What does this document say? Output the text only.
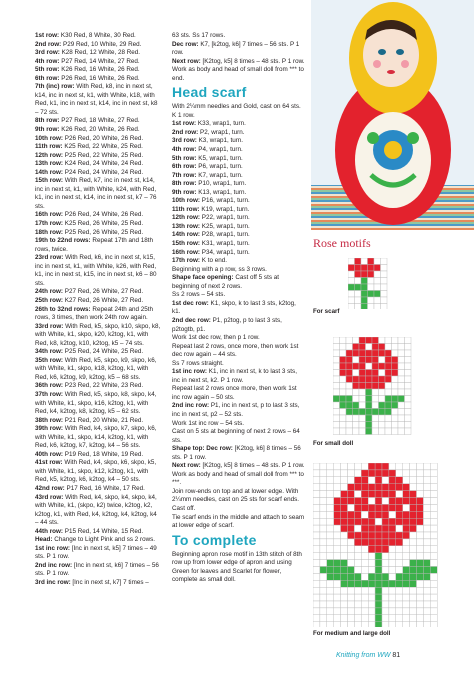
1st row: K30 Red, 8 White, 30 Red.

2nd row: P29 Red, 10 White, 29 Red.

3rd row: K28 Red, 12 White, 28 Red.

4th row: P27 Red, 14 White, 27 Red.

5th row: K26 Red, 16 White, 26 Red.

6th row: P26 Red, 16 White, 26 Red.

7th (inc) row: With Red, k8, inc in next st, k14, inc in next st, k1, with White, k18, with Red, k1, inc in next st, k14, inc in next st, k8 – 72 sts.

8th row: P27 Red, 18 White, 27 Red.

9th row: K26 Red, 20 White, 26 Red.

10th row: P26 Red, 20 White, 26 Red.

11th row: K25 Red, 22 White, 25 Red.

12th row: P25 Red, 22 White, 25 Red.

13th row: K24 Red, 24 White, 24 Red.

14th row: P24 Red, 24 White, 24 Red.

15th row: With Red, k7, inc in next st, k14, inc in next st, k1, with White, k24, with Red, k1, inc in next st, k14, inc in next st, k7 – 76 sts.

16th row: P26 Red, 24 White, 26 Red.

17th row: K25 Red, 26 White, 25 Red.

18th row: P25 Red, 26 White, 25 Red.

19th to 22nd rows: Repeat 17th and 18th rows, twice.

23rd row: With Red, k6, inc in next st, k15, inc in next st, k1, with White, k26, with Red, k1, inc in next st, k15, inc in next st, k6 – 80 sts.

24th row: P27 Red, 26 White, 27 Red.

25th row: K27 Red, 26 White, 27 Red.

26th to 32nd rows: Repeat 24th and 25th rows, 3 times, then work 24th row again.

33rd row: With Red, k5, skpo, k10, skpo, k8, with White, k1, skpo, k20, k2tog, k1, with Red, k8, k2tog, k10, k2tog, k5 – 74 sts.

34th row: P25 Red, 24 White, 25 Red.

35th row: With Red, k5, skpo, k9, skpo, k6, with White, k1, skpo, k18, k2tog, k1, with Red, k6, k2tog, k9, k2tog, k5 – 68 sts.

36th row: P23 Red, 22 White, 23 Red.

37th row: With Red, k5, skpo, k8, skpo, k4, with White, k1, skpo, k16, k2tog, k1, with Red, k4, k2tog, k8, k2tog, k5 – 62 sts.

38th row: P21 Red, 20 White, 21 Red.

39th row: With Red, k4, skpo, k7, skpo, k6, with White, k1, skpo, k14, k2tog, k1, with Red, k6, k2tog, k7, k2tog, k4 – 56 sts.

40th row: P19 Red, 18 White, 19 Red.

41st row: With Red, k4, skpo, k6, skpo, k5, with White, k1, skpo, k12, k2tog, k1, with Red, k5, k2tog, k6, k2tog, k4 – 50 sts.

42nd row: P17 Red, 16 White, 17 Red.

43rd row: With Red, k4, skpo, k4, skpo, k4, with White, k1, (skpo, k2) twice, k2tog, k2, k2tog, k1, with Red, k4, k2tog, k4, k2tog, k4 – 44 sts.

44th row: P15 Red, 14 White, 15 Red.

Head: Change to Light Pink and ss 2 rows.

1st inc row: [Inc in next st, k5] 7 times – 49 sts. P 1 row.

2nd inc row: [Inc in next st, k6] 7 times – 56 sts. P 1 row.

3rd inc row: [Inc in next st, k7] 7 times –

63 sts. Ss 17 rows.

Dec row: K7, [k2tog, k6] 7 times – 56 sts. P 1 row.

Next row: [K2tog, k5] 8 times – 48 sts. P 1 row.

Work as body and head of small doll from *** to end.

Head scarf

With 2¼mm needles and Gold, cast on 64 sts. K 1 row.

1st row: K33, wrap1, turn.

2nd row: P2, wrap1, turn.

3rd row: K3, wrap1, turn.

4th row: P4, wrap1, turn.

5th row: K5, wrap1, turn.

6th row: P6, wrap1, turn.

7th row: K7, wrap1, turn.

8th row: P10, wrap1, turn.

9th row: K13, wrap1, turn.

10th row: P16, wrap1, turn.

11th row: K19, wrap1, turn.

12th row: P22, wrap1, turn.

13th row: K25, wrap1, turn.

14th row: P28, wrap1, turn.

15th row: K31, wrap1, turn.

16th row: P34, wrap1, turn.

17th row: K to end.

Beginning with a p row, ss 3 rows.

Shape face opening: Cast off 5 sts at beginning of next 2 rows.

Ss 2 rows – 54 sts.

1st dec row: K1, skpo, k to last 3 sts, k2tog, k1.

2nd dec row: P1, p2tog, p to last 3 sts, p2togtb, p1.

Work 1st dec row, then p 1 row.

Repeat last 2 rows, once more, then work 1st dec row again – 44 sts.

Ss 7 rows straight.

1st inc row: K1, inc in next st, k to last 3 sts, inc in next st, k2. P 1 row.

Repeat last 2 rows once more, then work 1st inc row again – 50 sts.

2nd inc row: P1, inc in next st, p to last 3 sts, inc in next st, p2 – 52 sts.

Work 1st inc row – 54 sts.

Cast on 5 sts at beginning of next 2 rows – 64 sts.

Shape top: Dec row: [K2tog, k6] 8 times – 56 sts. P 1 row.

Next row: [K2tog, k5] 8 times – 48 sts. P 1 row.

Work as body and head of small doll from *** to ***.

Join row-ends on top and at lower edge. With 2¼mm needles, cast on 25 sts for scarf ends. Cast off.

Tie scarf ends in the middle and attach to seam at lower edge of scarf.

To complete

Beginning apron rose motif in 13th stitch of 8th row up from lower edge of apron and using Green for leaves and Scarlet for flower, complete as small doll.

Rose motifs
For scarf
For small doll
For medium and large doll
Knitting from WW 81
